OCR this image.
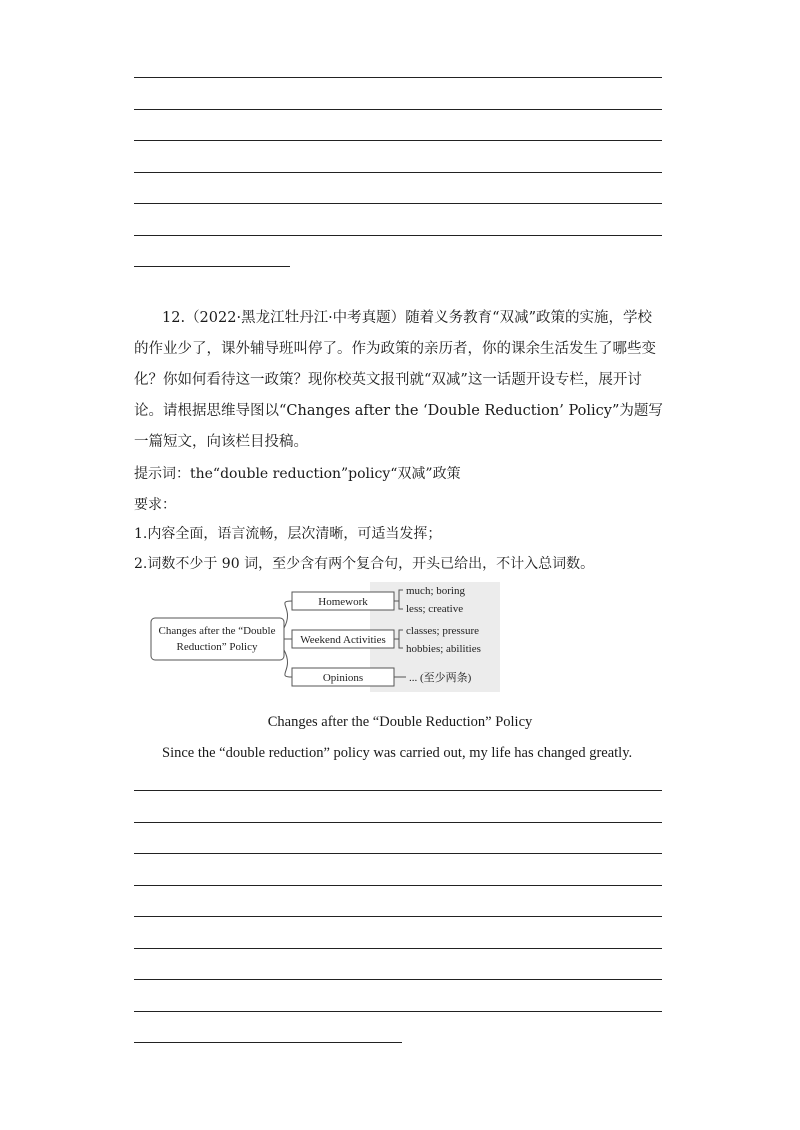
12.（2022·黑龙江牡丹江·中考真题）随着义务教育“双减”政策的实施，学校的作业少了，课外辅导班叫停了。作为政策的亲历者，你的课余生活发生了哪些变化？你如何看待这一政策？现你校英文报刊就“双减”这一话题开设专栏，展开讨论。请根据思维导图以“Changes after the ‘Double Reduction’ Policy”为题写一篇短文，向该栏目投稿。
提示词：the“double reduction”policy“双减”政策
要求：
1.内容全面，语言流畅，层次清晰，可适当发挥；
2.词数不少于 90 词，至少含有两个复合句，开头已给出，不计入总词数。
Changes after the “Double
Reduction” Policy
Homework
Weekend Activities
Opinions
much; boring
less; creative
classes; pressure
hobbies; abilities
... (至少两条)
Changes after the “Double Reduction” Policy
Since the “double reduction” policy was carried out, my life has changed greatly.
